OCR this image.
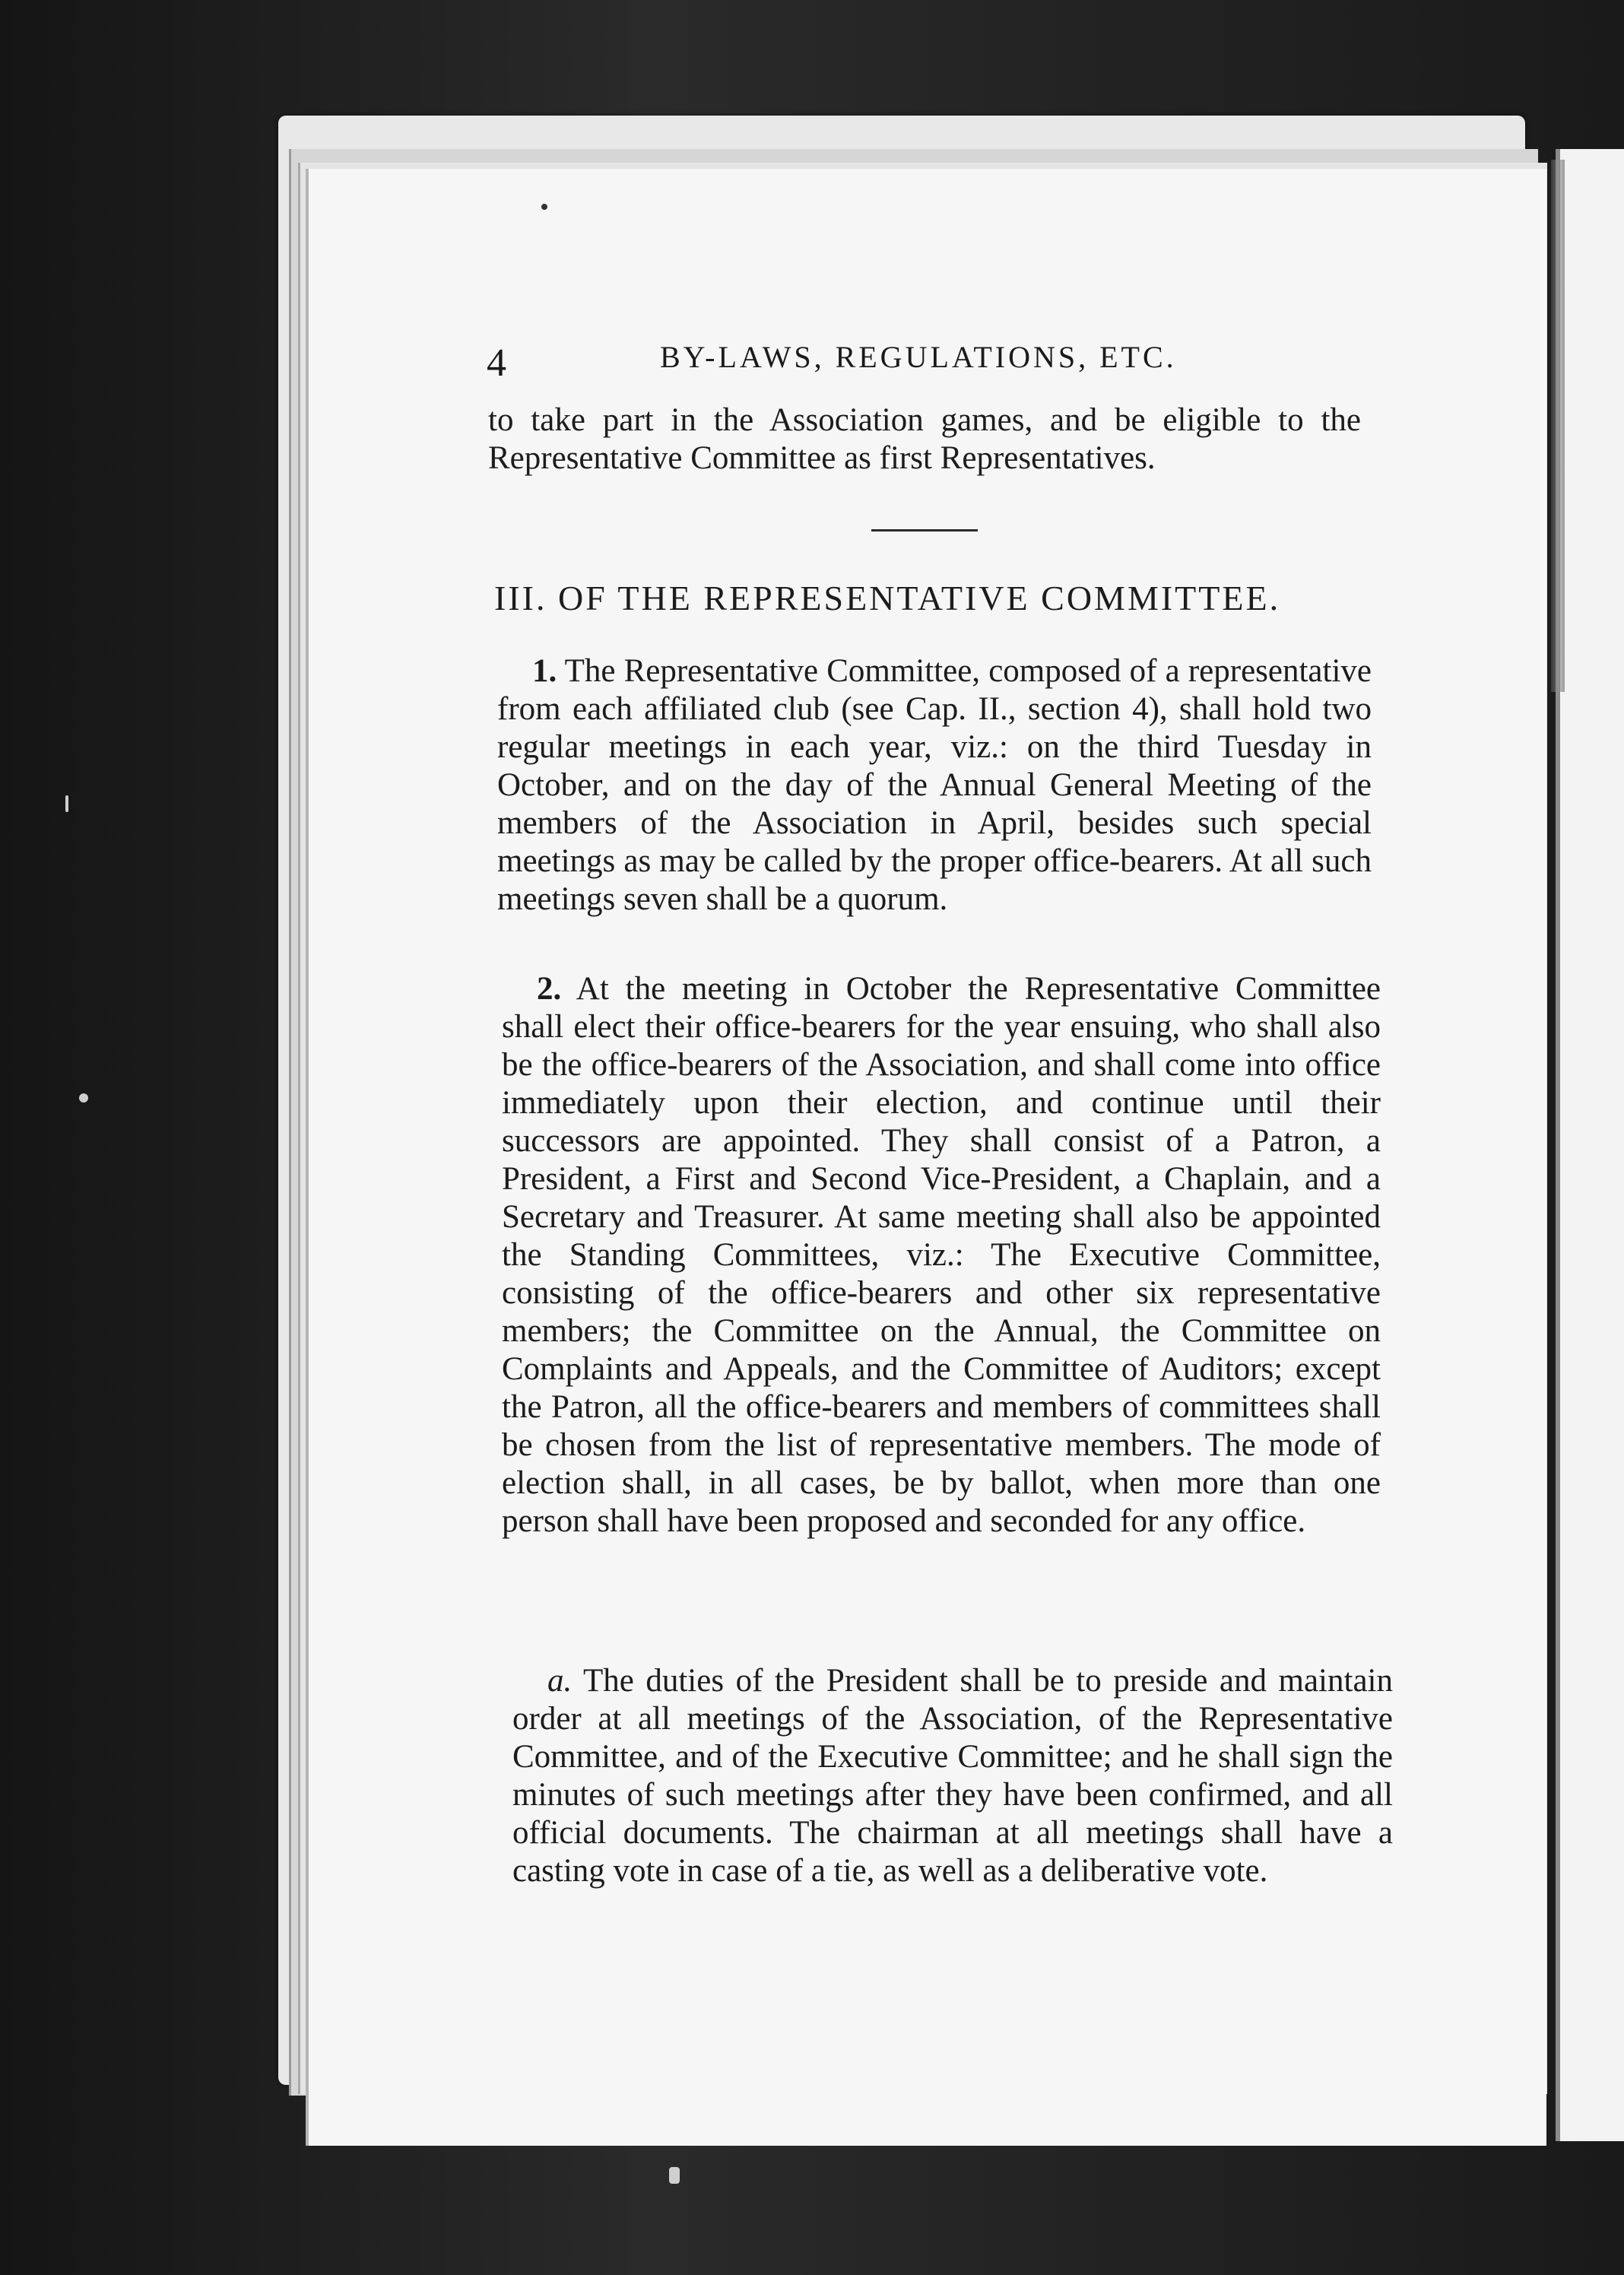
4	BY-LAWS, REGULATIONS, ETC.
to take part in the Association games, and be eligible to the Representative Committee as first Representatives.
III. OF THE REPRESENTATIVE COMMITTEE.
1. The Representative Committee, composed of a representative from each affiliated club (see Cap. II., section 4), shall hold two regular meetings in each year, viz.: on the third Tuesday in October, and on the day of the Annual General Meeting of the members of the Association in April, besides such special meetings as may be called by the proper office-bearers. At all such meetings seven shall be a quorum.
2. At the meeting in October the Representative Committee shall elect their office-bearers for the year ensuing, who shall also be the office-bearers of the Association, and shall come into office immediately upon their election, and continue until their successors are appointed. They shall consist of a Patron, a President, a First and Second Vice-President, a Chaplain, and a Secretary and Treasurer. At same meeting shall also be appointed the Standing Committees, viz.: The Executive Committee, consisting of the office-bearers and other six representative members; the Committee on the Annual, the Committee on Complaints and Appeals, and the Committee of Auditors; except the Patron, all the office-bearers and members of committees shall be chosen from the list of representative members. The mode of election shall, in all cases, be by ballot, when more than one person shall have been proposed and seconded for any office.
a. The duties of the President shall be to preside and maintain order at all meetings of the Association, of the Representative Committee, and of the Executive Committee; and he shall sign the minutes of such meetings after they have been confirmed, and all official documents. The chairman at all meetings shall have a casting vote in case of a tie, as well as a deliberative vote.
